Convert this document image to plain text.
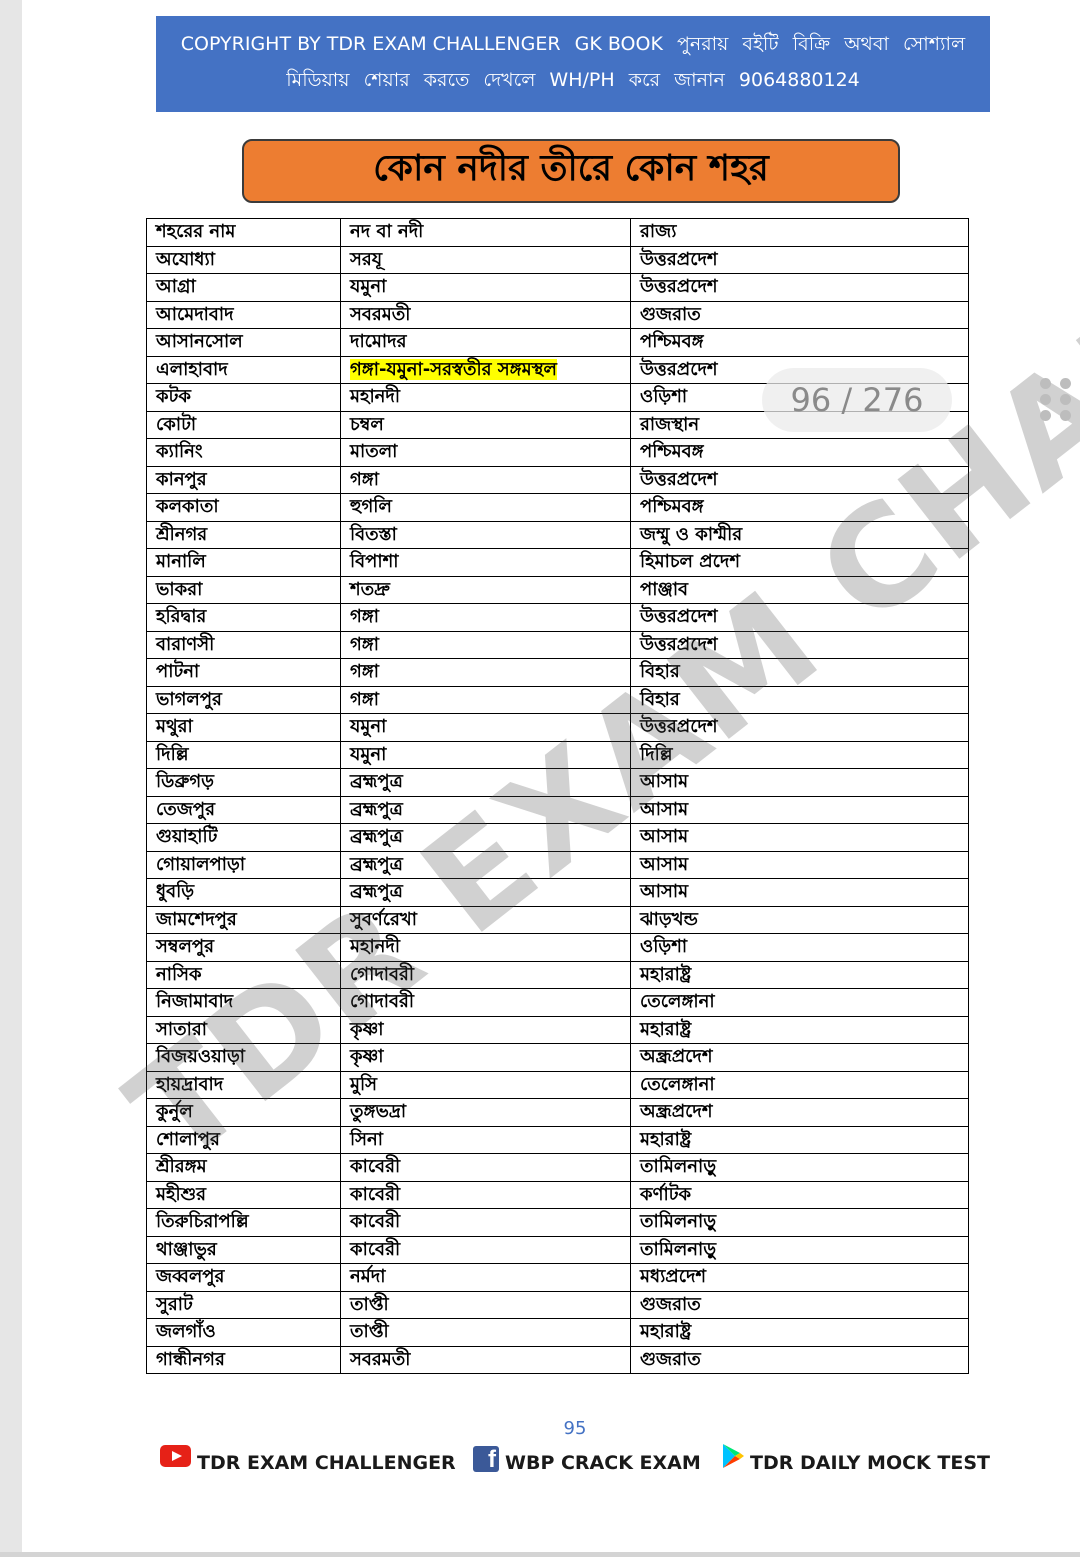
COPYRIGHT BY TDR EXAM CHALLENGER GK BOOK পুনরায় বইটি বিক্রি অথবা সোশ্যাল
মিডিয়ায় শেয়ার করতে দেখলে WH/PH করে জানান 9064880124
কোন নদীর তীরে কোন শহর
শহরের নাম	নদ বা নদী	রাজ্য
অযোধ্যা	সরযূ	উত্তরপ্রদেশ
আগ্রা	যমুনা	উত্তরপ্রদেশ
আমেদাবাদ	সবরমতী	গুজরাত
আসানসোল	দামোদর	পশ্চিমবঙ্গ
এলাহাবাদ	গঙ্গা-যমুনা-সরস্বতীর সঙ্গমস্থল	উত্তরপ্রদেশ
কটক	মহানদী	ওড়িশা
কোটা	চম্বল	রাজস্থান
ক্যানিং	মাতলা	পশ্চিমবঙ্গ
কানপুর	গঙ্গা	উত্তরপ্রদেশ
কলকাতা	হুগলি	পশ্চিমবঙ্গ
শ্রীনগর	বিতস্তা	জম্মু ও কাশ্মীর
মানালি	বিপাশা	হিমাচল প্রদেশ
ভাকরা	শতদ্রু	পাঞ্জাব
হরিদ্বার	গঙ্গা	উত্তরপ্রদেশ
বারাণসী	গঙ্গা	উত্তরপ্রদেশ
পাটনা	গঙ্গা	বিহার
ভাগলপুর	গঙ্গা	বিহার
মথুরা	যমুনা	উত্তরপ্রদেশ
দিল্লি	যমুনা	দিল্লি
ডিব্রুগড়	ব্রহ্মপুত্র	আসাম
তেজপুর	ব্রহ্মপুত্র	আসাম
গুয়াহাটি	ব্রহ্মপুত্র	আসাম
গোয়ালপাড়া	ব্রহ্মপুত্র	আসাম
ধুবড়ি	ব্রহ্মপুত্র	আসাম
জামশেদপুর	সুবর্ণরেখা	ঝাড়খন্ড
সম্বলপুর	মহানদী	ওড়িশা
নাসিক	গোদাবরী	মহারাষ্ট্র
নিজামাবাদ	গোদাবরী	তেলেঙ্গানা
সাতারা	কৃষ্ণা	মহারাষ্ট্র
বিজয়ওয়াড়া	কৃষ্ণা	অন্ধ্রপ্রদেশ
হায়দ্রাবাদ	মুসি	তেলেঙ্গানা
কুর্নুল	তুঙ্গভদ্রা	অন্ধ্রপ্রদেশ
শোলাপুর	সিনা	মহারাষ্ট্র
শ্রীরঙ্গম	কাবেরী	তামিলনাড়ু
মহীশুর	কাবেরী	কর্ণাটক
তিরুচিরাপল্লি	কাবেরী	তামিলনাড়ু
থাঞ্জাভুর	কাবেরী	তামিলনাড়ু
জব্বলপুর	নর্মদা	মধ্যপ্রদেশ
সুরাট	তাপ্তী	গুজরাত
জলগাঁও	তাপ্তী	মহারাষ্ট্র
গান্ধীনগর	সবরমতী	গুজরাত
96 / 276
95
TDR EXAM CHALLENGER	f WBP CRACK EXAM	TDR DAILY MOCK TEST
